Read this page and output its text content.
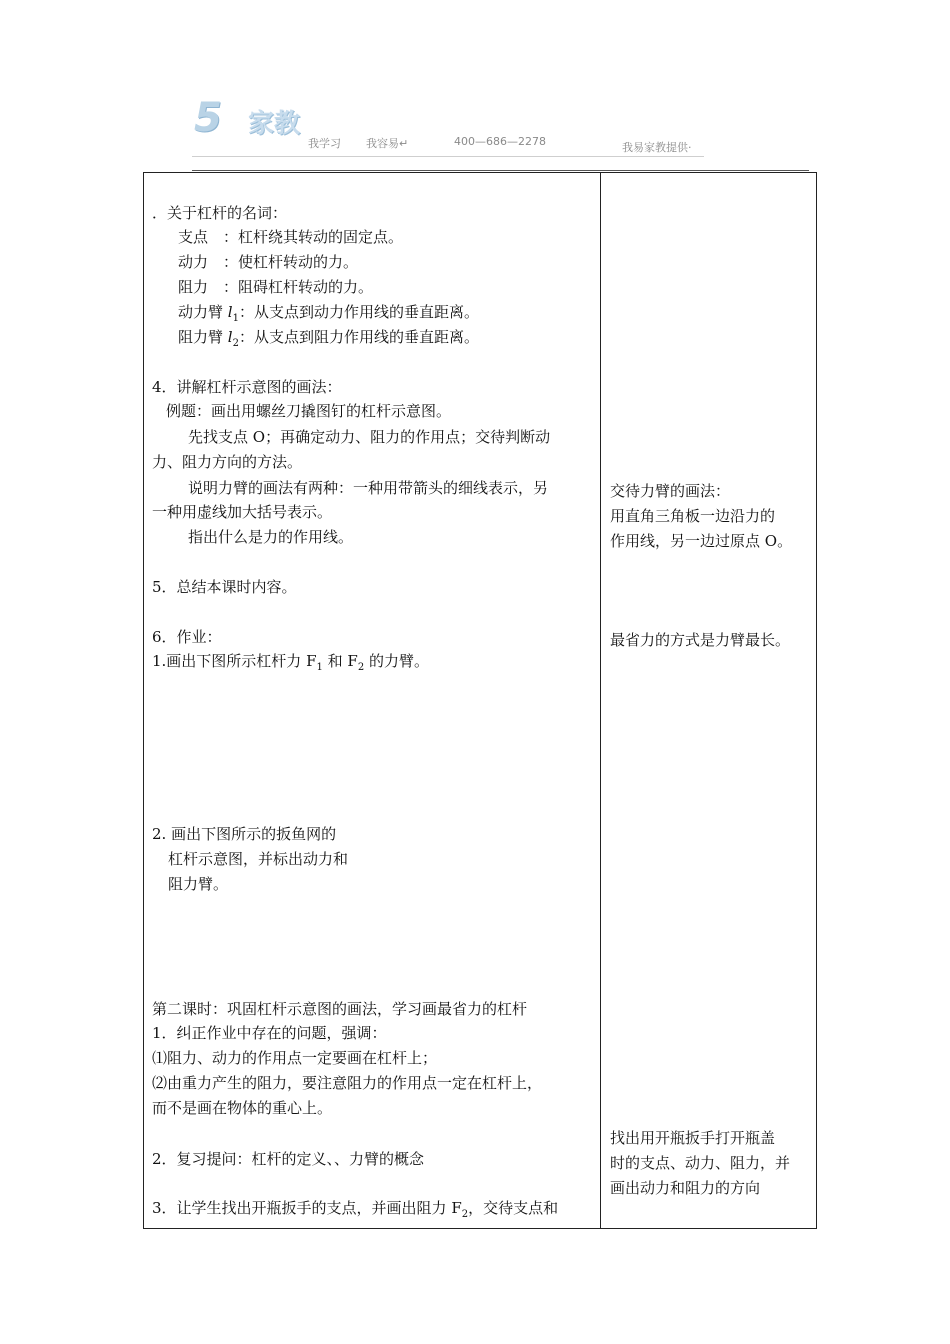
5 家教
我学习 我容易↵	400—686—2278	我易家教提供·
．关于杠杆的名词：
支点　：杠杆绕其转动的固定点。
动力　：使杠杆转动的力。
阻力　：阻碍杠杆转动的力。
动力臂 $l_1$：从支点到动力作用线的垂直距离。
阻力臂 $l_2$：从支点到阻力作用线的垂直距离。
4．讲解杠杆示意图的画法：
例题：画出用螺丝刀撬图钉的杠杆示意图。
先找支点 O；再确定动力、阻力的作用点；交待判断动
力、阻力方向的方法。
说明力臂的画法有两种：一种用带箭头的细线表示，另
一种用虚线加大括号表示。
指出什么是力的作用线。
5．总结本课时内容。
6．作业：
1.画出下图所示杠杆力 $F_1$ 和 $F_2$ 的力臂。
2. 画出下图所示的扳鱼网的
杠杆示意图，并标出动力和
阻力臂。
第二课时：巩固杠杆示意图的画法，学习画最省力的杠杆
1．纠正作业中存在的问题，强调：
⑴阻力、动力的作用点一定要画在杠杆上；
⑵由重力产生的阻力，要注意阻力的作用点一定在杠杆上，
而不是画在物体的重心上。
2．复习提问：杠杆的定义、、力臂的概念
3．让学生找出开瓶扳手的支点，并画出阻力 $F_2$，交待支点和
交待力臂的画法：
用直角三角板一边沿力的
作用线，另一边过原点 O。
最省力的方式是力臂最长。
找出用开瓶扳手打开瓶盖
时的支点、动力、阻力，并
画出动力和阻力的方向
